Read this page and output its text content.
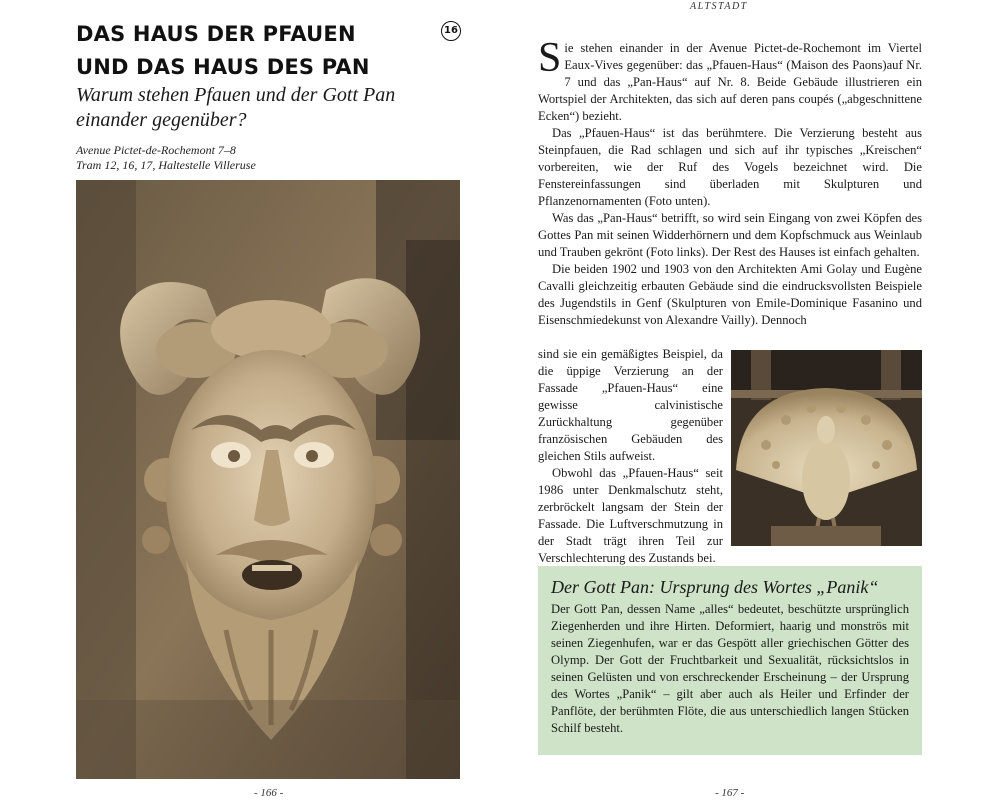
DAS HAUS DER PFAUEN
UND DAS HAUS DES PAN
16
Warum stehen Pfauen und der Gott Pan einander gegenüber?
Avenue Pictet-de-Rochemont 7–8
Tram 12, 16, 17, Haltestelle Villeruse
- 166 -
ALTSTADT

Sie stehen einander in der Avenue Pictet-de-Rochemont im Viertel Eaux-Vives gegenüber: das „Pfauen-Haus“ (Maison des Paons)auf Nr. 7 und das „Pan-Haus“ auf Nr. 8. Beide Gebäude illustrieren ein Wortspiel der Architekten, das sich auf deren pans coupés („abgeschnittene Ecken“) bezieht.

Das „Pfauen-Haus“ ist das berühmtere. Die Verzierung besteht aus Steinpfauen, die Rad schlagen und sich auf ihr typisches „Kreischen“ vorbereiten, wie der Ruf des Vogels bezeichnet wird. Die Fenstereinfassungen sind überladen mit Skulpturen und Pflanzenornamenten (Foto unten).

Was das „Pan-Haus“ betrifft, so wird sein Eingang von zwei Köpfen des Gottes Pan mit seinen Widderhörnern und dem Kopfschmuck aus Weinlaub und Trauben gekrönt (Foto links). Der Rest des Hauses ist einfach gehalten.

Die beiden 1902 und 1903 von den Architekten Ami Golay und Eugène Cavalli gleichzeitig erbauten Gebäude sind die eindrucksvollsten Beispiele des Jugendstils in Genf (Skulpturen von Emile-Dominique Fasanino und Eisenschmiedekunst von Alexandre Vailly). Dennoch

sind sie ein gemäßigtes Beispiel, da die üppige Verzierung an der Fassade „Pfauen-Haus“ eine gewisse calvinistische Zurückhaltung gegenüber französischen Gebäuden des gleichen Stils aufweist.

Obwohl das „Pfauen-Haus“ seit 1986 unter Denkmalschutz steht, zerbröckelt langsam der Stein der Fassade. Die Luftverschmutzung in der Stadt trägt ihren Teil zur Verschlechterung des Zustands bei.

Der Gott Pan: Ursprung des Wortes „Panik“
Der Gott Pan, dessen Name „alles“ bedeutet, beschützte ursprünglich Ziegenherden und ihre Hirten. Deformiert, haarig und monströs mit seinen Ziegenhufen, war er das Gespött aller griechischen Götter des Olymp. Der Gott der Fruchtbarkeit und Sexualität, rücksichtslos in seinen Gelüsten und von erschreckender Erscheinung – der Ursprung des Wortes „Panik“ – gilt aber auch als Heiler und Erfinder der Panflöte, der berühmten Flöte, die aus unterschiedlich langen Stücken Schilf besteht.
- 167 -
